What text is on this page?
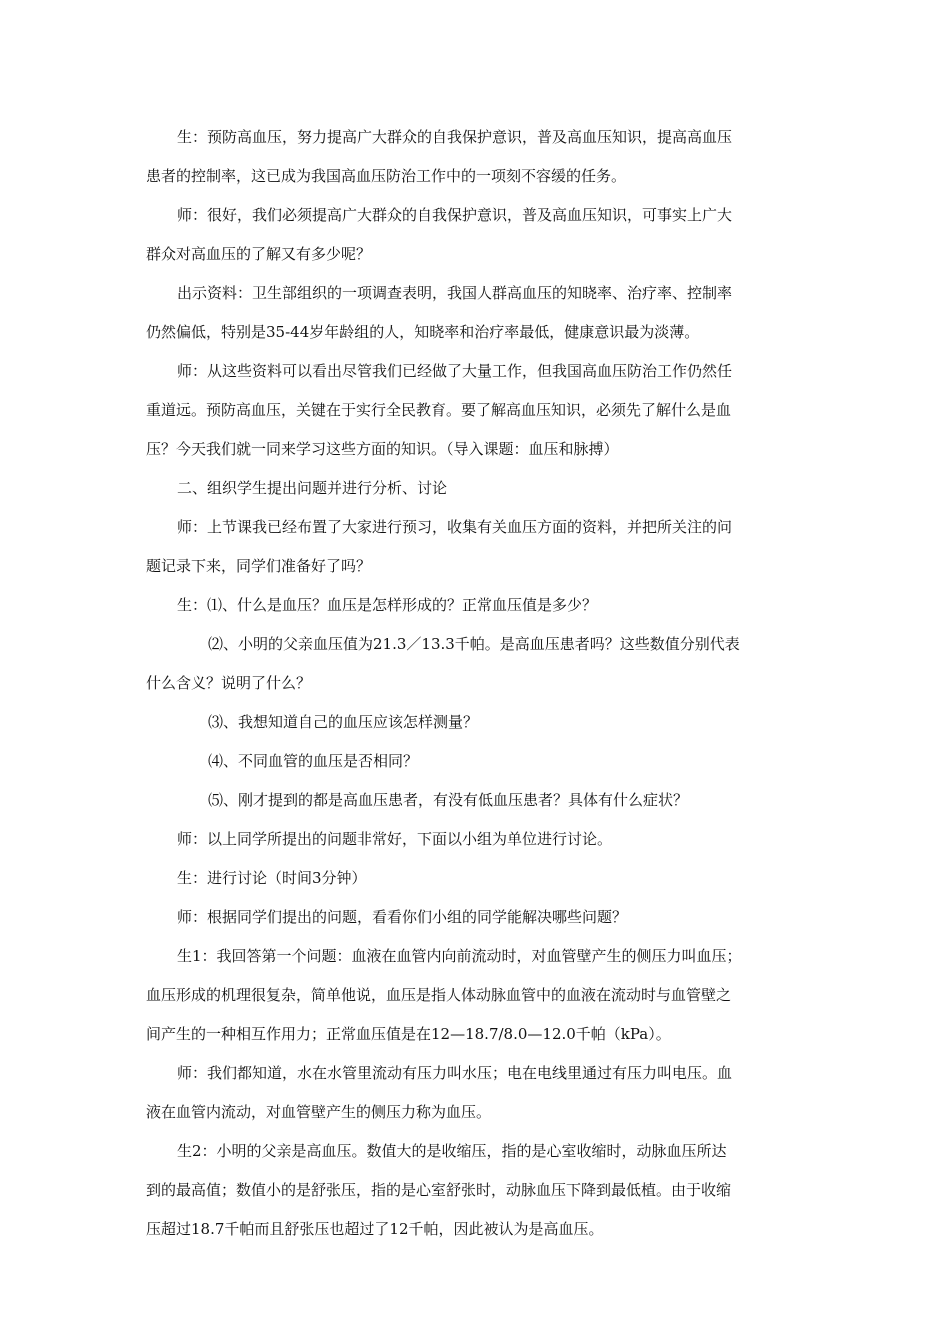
生：预防高血压，努力提高广大群众的自我保护意识，普及高血压知识，提高高血压
患者的控制率，这已成为我国高血压防治工作中的一项刻不容缓的任务。
师：很好，我们必须提高广大群众的自我保护意识，普及高血压知识，可事实上广大
群众对高血压的了解又有多少呢？
出示资料：卫生部组织的一项调查表明，我国人群高血压的知晓率、治疗率、控制率
仍然偏低，特别是35-44岁年龄组的人，知晓率和治疗率最低，健康意识最为淡薄。
师：从这些资料可以看出尽管我们已经做了大量工作，但我国高血压防治工作仍然任
重道远。预防高血压，关键在于实行全民教育。要了解高血压知识，必须先了解什么是血
压？今天我们就一同来学习这些方面的知识。（导入课题：血压和脉搏）
二、组织学生提出问题并进行分析、讨论
师：上节课我已经布置了大家进行预习，收集有关血压方面的资料，并把所关注的问
题记录下来，同学们准备好了吗？
生：⑴、什么是血压？血压是怎样形成的？正常血压值是多少？
⑵、小明的父亲血压值为21.3／13.3千帕。是高血压患者吗？这些数值分别代表
什么含义？说明了什么？
⑶、我想知道自己的血压应该怎样测量？
⑷、不同血管的血压是否相同？
⑸、刚才提到的都是高血压患者，有没有低血压患者？具体有什么症状？
师：以上同学所提出的问题非常好，下面以小组为单位进行讨论。
生：进行讨论（时间3分钟）
师：根据同学们提出的问题，看看你们小组的同学能解决哪些问题？
生1：我回答第一个问题：血液在血管内向前流动时，对血管壁产生的侧压力叫血压；
血压形成的机理很复杂，简单他说，血压是指人体动脉血管中的血液在流动时与血管壁之
间产生的一种相互作用力；正常血压值是在12—18.7/8.0—12.0千帕（kPa）。
师：我们都知道，水在水管里流动有压力叫水压；电在电线里通过有压力叫电压。血
液在血管内流动，对血管壁产生的侧压力称为血压。
生2：小明的父亲是高血压。数值大的是收缩压，指的是心室收缩时，动脉血压所达
到的最高值；数值小的是舒张压，指的是心室舒张时，动脉血压下降到最低植。由于收缩
压超过18.7千帕而且舒张压也超过了12千帕，因此被认为是高血压。
